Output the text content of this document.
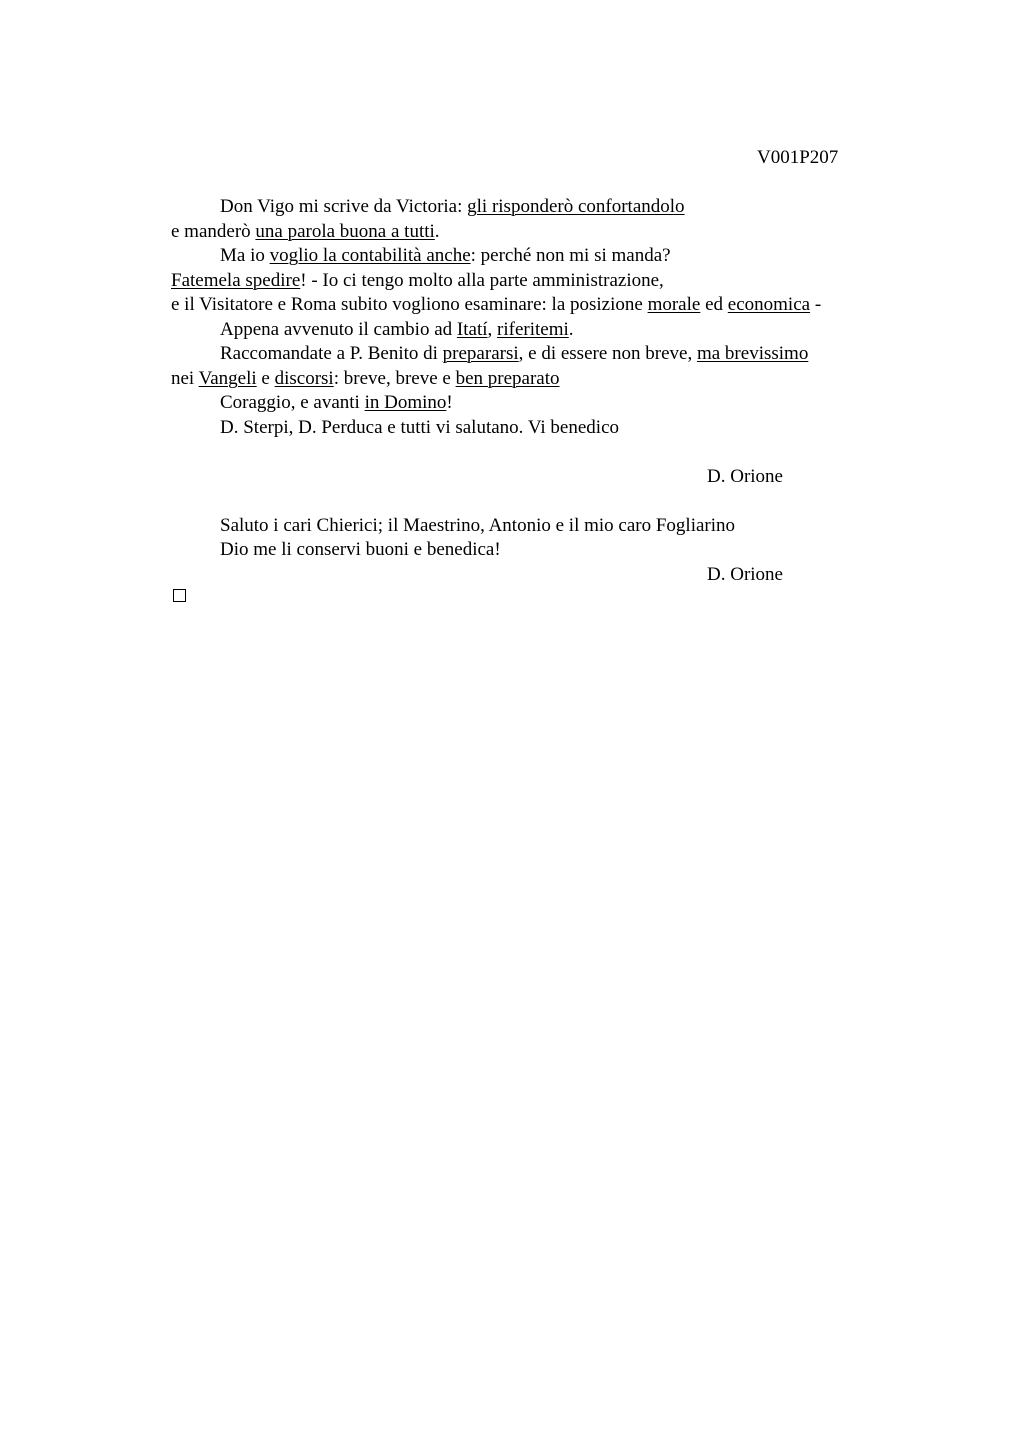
V001P207
Don Vigo mi scrive da Victoria: gli risponderò confortandolo
e manderò una parola buona a tutti.
Ma io voglio la contabilità anche: perché non mi si manda?
Fatemela spedire! - Io ci tengo molto alla parte amministrazione,
e il Visitatore e Roma subito vogliono esaminare: la posizione morale ed economica -
Appena avvenuto il cambio ad Itatí, riferitemi.
Raccomandate a P. Benito di prepararsi, e di essere non breve, ma brevissimo
nei Vangeli e discorsi: breve, breve e ben preparato
Coraggio, e avanti in Domino!
D. Sterpi, D. Perduca e tutti vi salutano. Vi benedico
D. Orione
Saluto i cari Chierici; il Maestrino, Antonio e il mio caro Fogliarino
Dio me li conservi buoni e benedica!
D. Orione
